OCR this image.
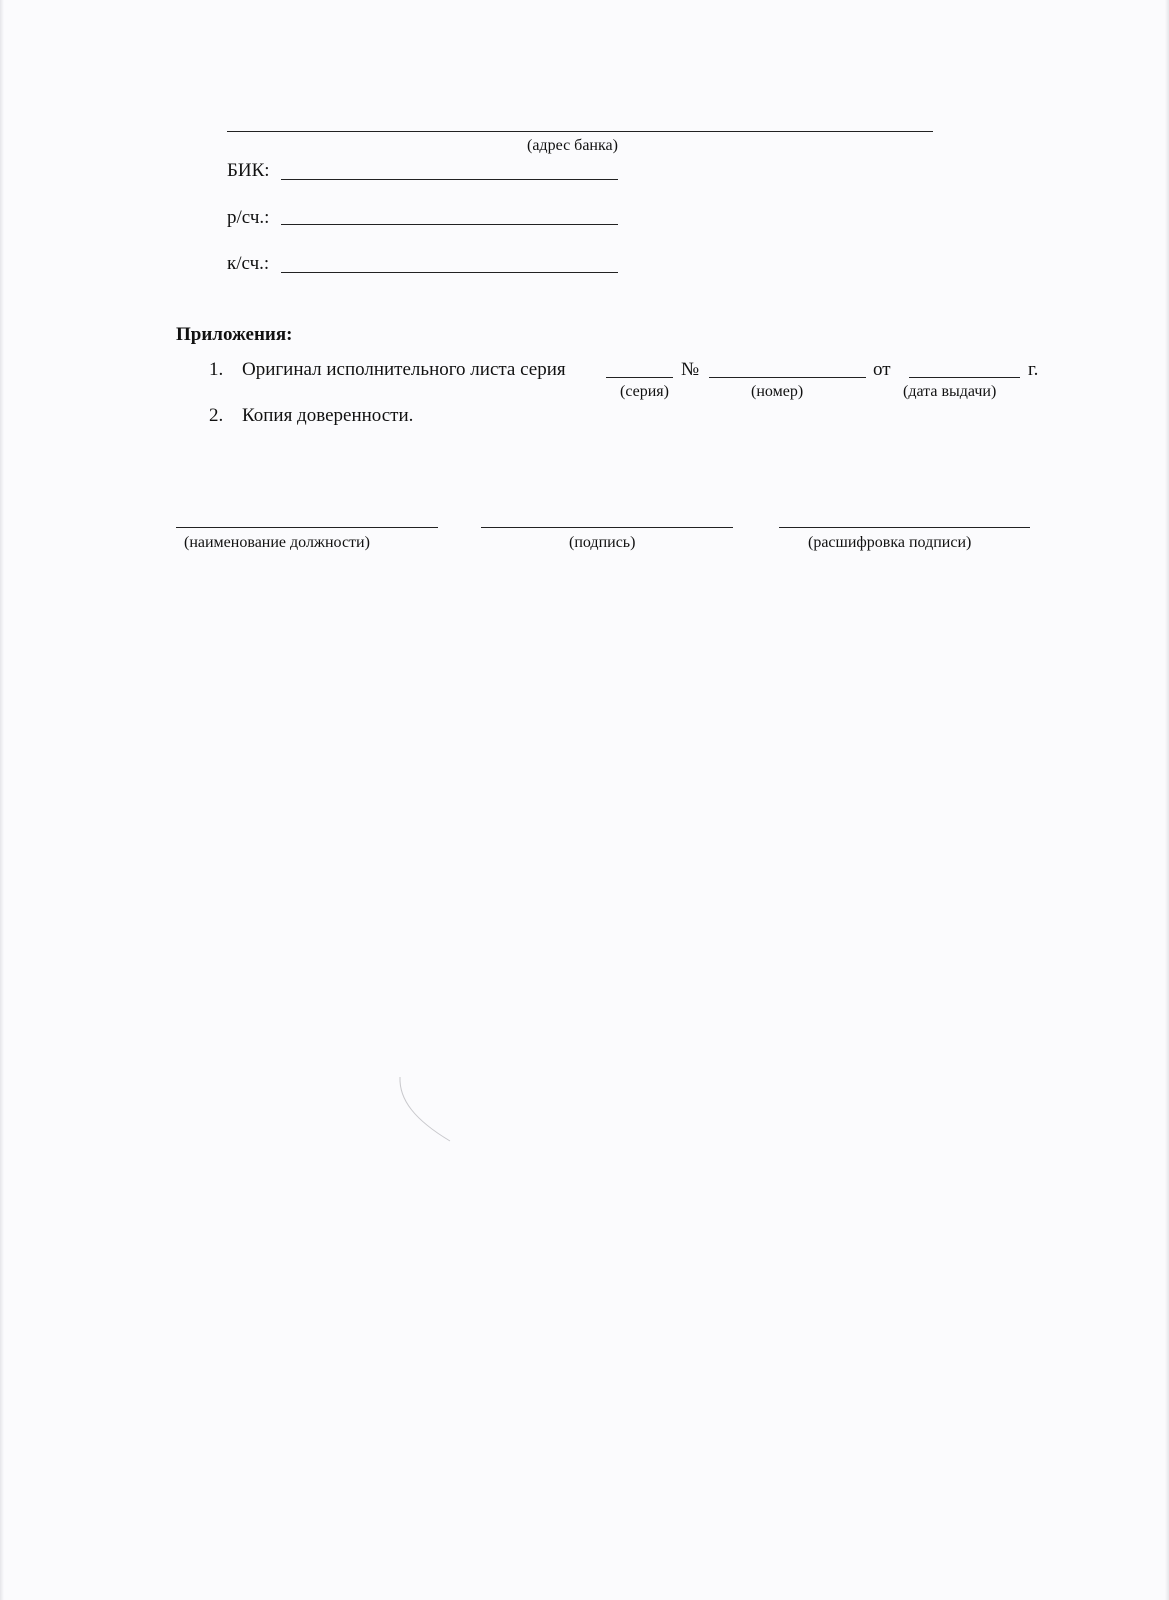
(адрес банка)
БИК:
р/сч.:
к/сч.:
Приложения:
1. Оригинал исполнительного листа серия	№	от	г.
(серия)	(номер)	(дата выдачи)
2. Копия доверенности.
(наименование должности)	(подпись)	(расшифровка подписи)
